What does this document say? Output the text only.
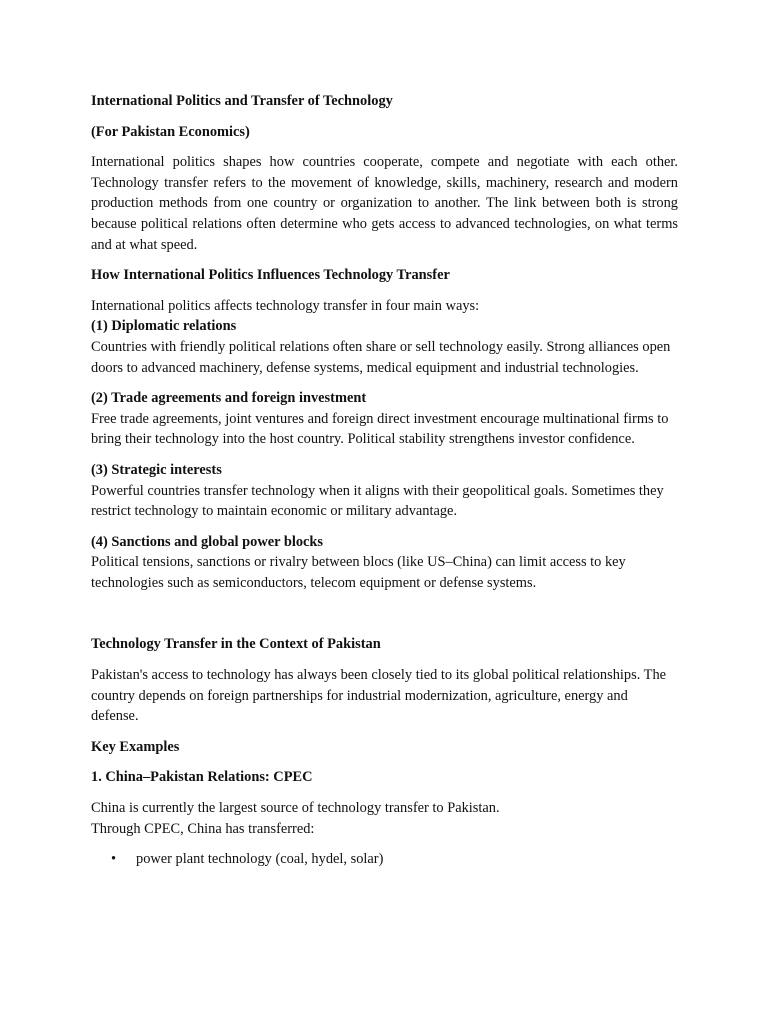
International Politics and Transfer of Technology

(For Pakistan Economics)

International politics shapes how countries cooperate, compete and negotiate with each other. Technology transfer refers to the movement of knowledge, skills, machinery, research and modern production methods from one country or organization to another. The link between both is strong because political relations often determine who gets access to advanced technologies, on what terms and at what speed.

How International Politics Influences Technology Transfer

International politics affects technology transfer in four main ways:

(1) Diplomatic relations

Countries with friendly political relations often share or sell technology easily. Strong alliances open doors to advanced machinery, defense systems, medical equipment and industrial technologies.

(2) Trade agreements and foreign investment

Free trade agreements, joint ventures and foreign direct investment encourage multinational firms to bring their technology into the host country. Political stability strengthens investor confidence.

(3) Strategic interests

Powerful countries transfer technology when it aligns with their geopolitical goals. Sometimes they restrict technology to maintain economic or military advantage.

(4) Sanctions and global power blocks

Political tensions, sanctions or rivalry between blocs (like US–China) can limit access to key technologies such as semiconductors, telecom equipment or defense systems.

Technology Transfer in the Context of Pakistan

Pakistan's access to technology has always been closely tied to its global political relationships. The country depends on foreign partnerships for industrial modernization, agriculture, energy and defense.

Key Examples

1. China–Pakistan Relations: CPEC

China is currently the largest source of technology transfer to Pakistan.

Through CPEC, China has transferred:

• power plant technology (coal, hydel, solar)
